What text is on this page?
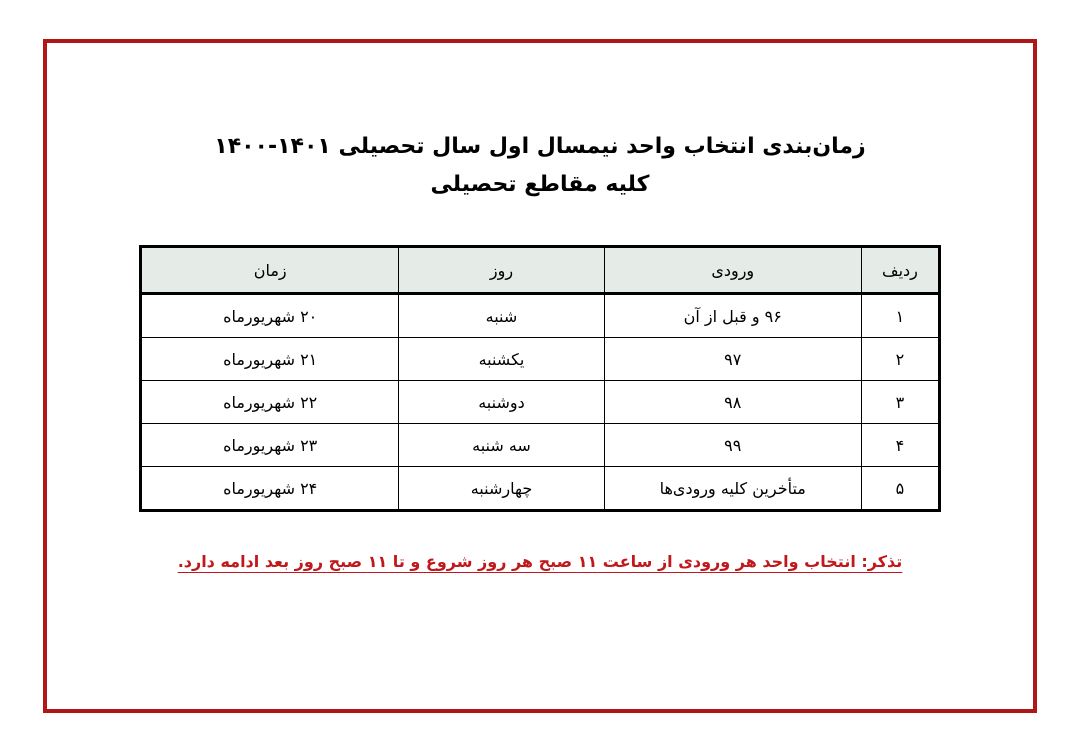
زمان‌بندی انتخاب واحد نیمسال اول سال تحصیلی ۱۴۰۱-۱۴۰۰
کلیه مقاطع تحصیلی
ردیف	ورودی	روز	زمان
۱	۹۶ و قبل از آن	شنبه	۲۰ شهریورماه
۲	۹۷	یکشنبه	۲۱ شهریورماه
۳	۹۸	دوشنبه	۲۲ شهریورماه
۴	۹۹	سه شنبه	۲۳ شهریورماه
۵	متأخرین کلیه ورودی‌ها	چهارشنبه	۲۴ شهریورماه
تذکر: انتخاب واحد هر ورودی از ساعت ۱۱ صبح هر روز شروع و تا ۱۱ صبح روز بعد ادامه دارد.
